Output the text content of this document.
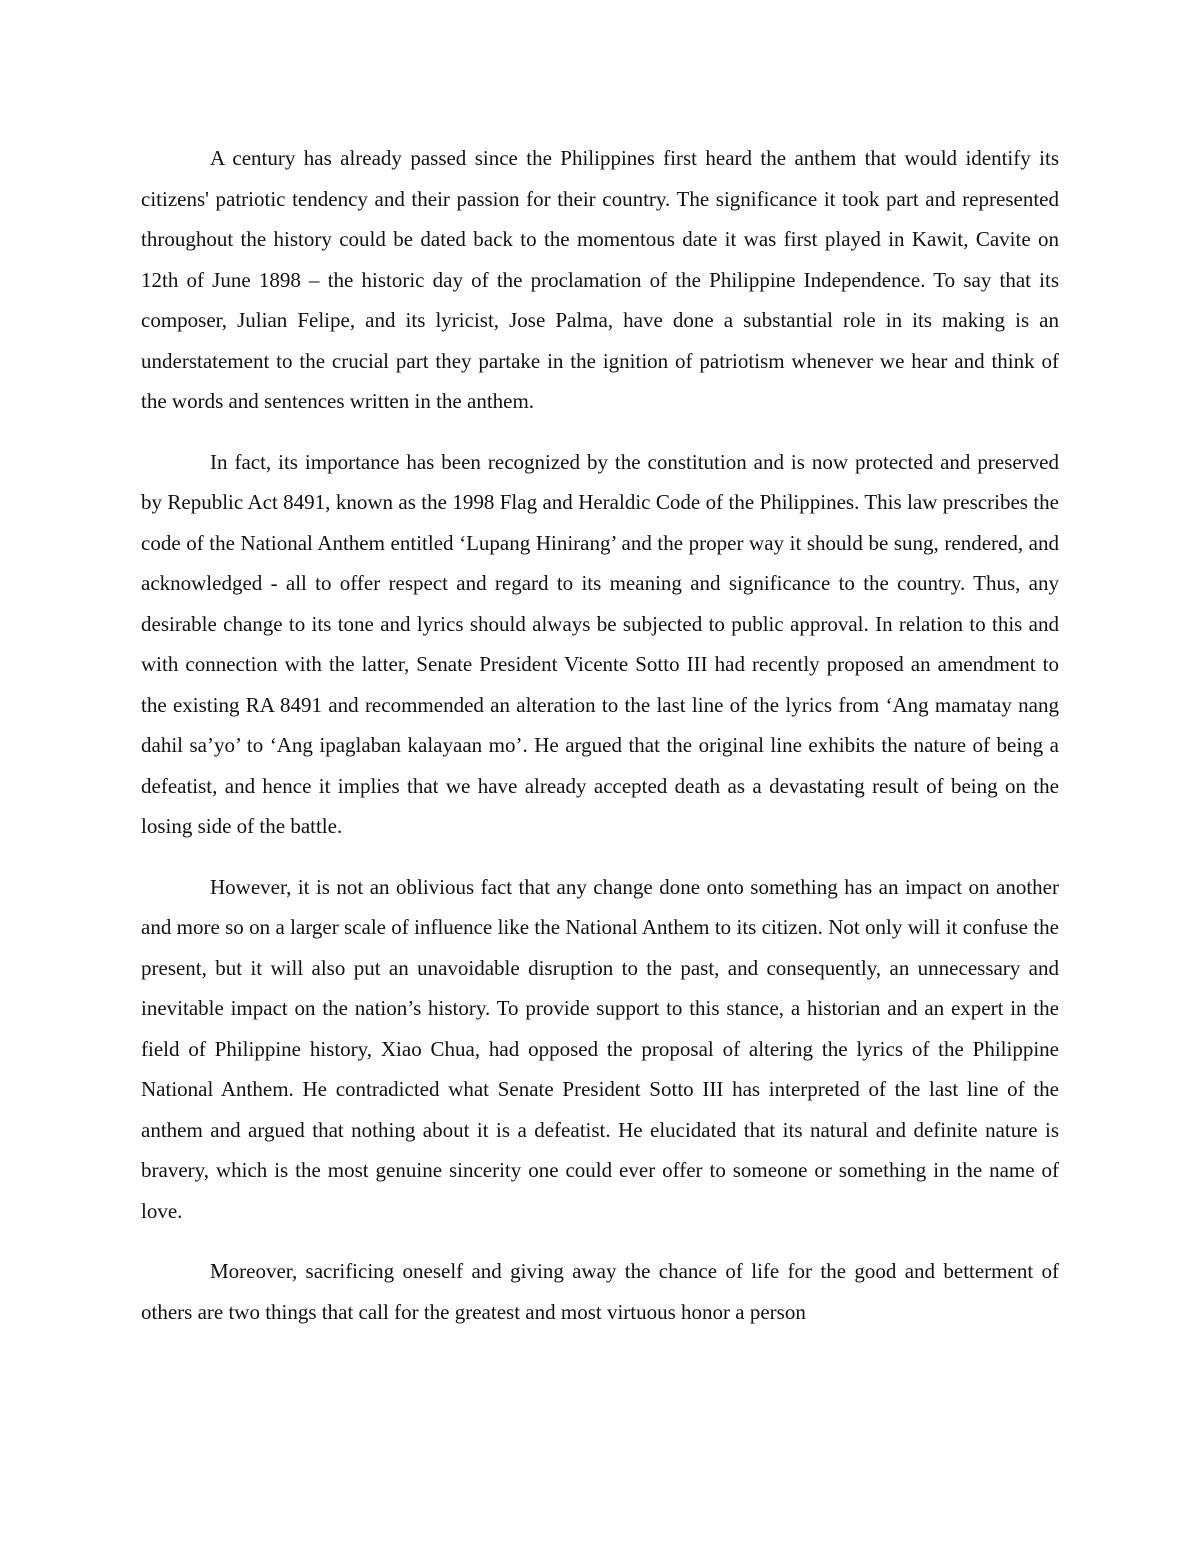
A century has already passed since the Philippines first heard the anthem that would identify its citizens' patriotic tendency and their passion for their country. The significance it took part and represented throughout the history could be dated back to the momentous date it was first played in Kawit, Cavite on 12th of June 1898 – the historic day of the proclamation of the Philippine Independence. To say that its composer, Julian Felipe, and its lyricist, Jose Palma, have done a substantial role in its making is an understatement to the crucial part they partake in the ignition of patriotism whenever we hear and think of the words and sentences written in the anthem.

In fact, its importance has been recognized by the constitution and is now protected and preserved by Republic Act 8491, known as the 1998 Flag and Heraldic Code of the Philippines. This law prescribes the code of the National Anthem entitled ‘Lupang Hinirang’ and the proper way it should be sung, rendered, and acknowledged - all to offer respect and regard to its meaning and significance to the country. Thus, any desirable change to its tone and lyrics should always be subjected to public approval. In relation to this and with connection with the latter, Senate President Vicente Sotto III had recently proposed an amendment to the existing RA 8491 and recommended an alteration to the last line of the lyrics from ‘Ang mamatay nang dahil sa’yo’ to ‘Ang ipaglaban kalayaan mo’. He argued that the original line exhibits the nature of being a defeatist, and hence it implies that we have already accepted death as a devastating result of being on the losing side of the battle.

However, it is not an oblivious fact that any change done onto something has an impact on another and more so on a larger scale of influence like the National Anthem to its citizen. Not only will it confuse the present, but it will also put an unavoidable disruption to the past, and consequently, an unnecessary and inevitable impact on the nation’s history. To provide support to this stance, a historian and an expert in the field of Philippine history, Xiao Chua, had opposed the proposal of altering the lyrics of the Philippine National Anthem. He contradicted what Senate President Sotto III has interpreted of the last line of the anthem and argued that nothing about it is a defeatist. He elucidated that its natural and definite nature is bravery, which is the most genuine sincerity one could ever offer to someone or something in the name of love.

Moreover, sacrificing oneself and giving away the chance of life for the good and betterment of others are two things that call for the greatest and most virtuous honor a person
